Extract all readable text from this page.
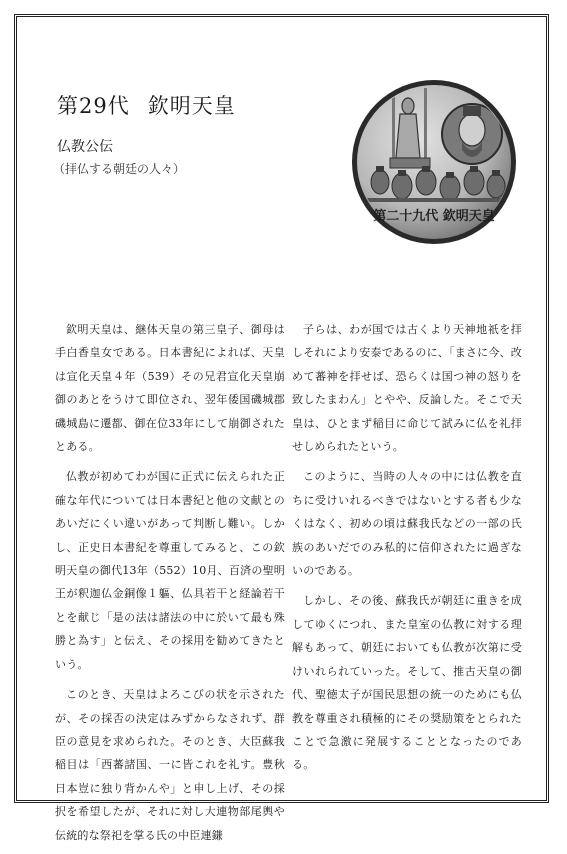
第29代 欽明天皇
仏教公伝
（拝仏する朝廷の人々）
第二十九代 欽明天皇

欽明天皇は、継体天皇の第三皇子、御母は手白香皇女である。日本書紀によれば、天皇は宣化天皇４年（539）その兄君宣化天皇崩御のあとをうけて即位され、翌年倭国磯城郡磯城島に遷都、御在位33年にして崩御されたとある。

仏教が初めてわが国に正式に伝えられた正確な年代については日本書紀と他の文献とのあいだにくい違いがあって判断し難い。しかし、正史日本書紀を尊重してみると、この欽明天皇の御代13年（552）10月、百済の聖明王が釈迦仏金銅像１軀、仏具若干と経論若干とを献じ「是の法は諸法の中に於いて最も殊勝と為す」と伝え、その採用を勧めてきたという。

このとき、天皇はよろこびの状を示されたが、その採否の決定はみずからなされず、群臣の意見を求められた。そのとき、大臣蘇我稲目は「西蕃諸国、一に皆これを礼す。豊秋日本豈に独り背かんや」と申し上げ、その採択を希望したが、それに対し大連物部尾輿や伝統的な祭祀を掌る氏の中臣連鎌

子らは、わが国では古くより天神地祇を拝しそれにより安泰であるのに、「まさに今、改めて蕃神を拝せば、恐らくは国つ神の怒りを致したまわん」とやや、反論した。そこで天皇は、ひとまず稲目に命じて試みに仏を礼拝せしめられたという。

このように、当時の人々の中には仏教を直ちに受けいれるべきではないとする者も少なくはなく、初めの頃は蘇我氏などの一部の氏族のあいだでのみ私的に信仰されたに過ぎないのである。

しかし、その後、蘇我氏が朝廷に重きを成してゆくにつれ、また皇室の仏教に対する理解もあって、朝廷においても仏教が次第に受けいれられていった。そして、推古天皇の御代、聖徳太子が国民思想の統一のためにも仏教を尊重され積極的にその奨励策をとられたことで急激に発展することとなったのである。
